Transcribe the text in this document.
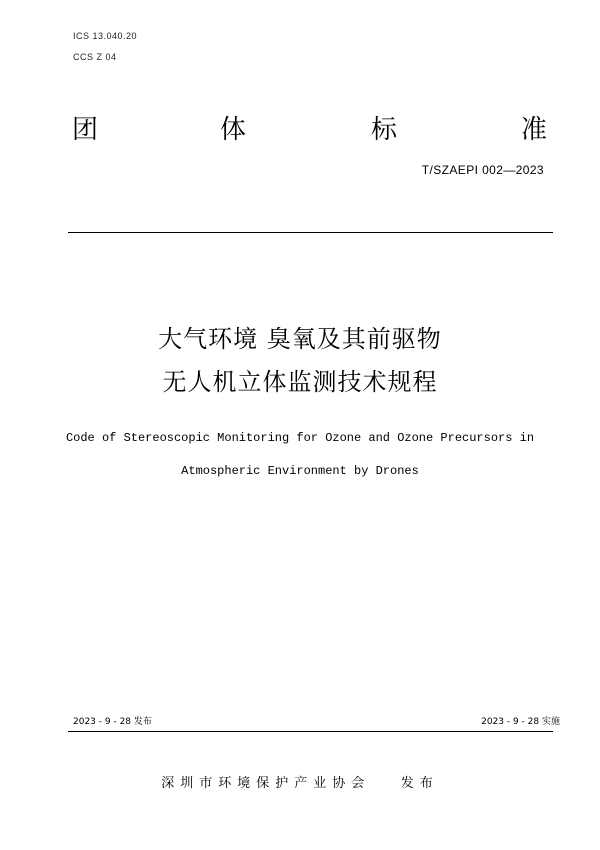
ICS 13.040.20
CCS Z 04
团	体	标	准
T/SZAEPI 002—2023
大气环境 臭氧及其前驱物
无人机立体监测技术规程
Code of Stereoscopic Monitoring for Ozone and Ozone Precursors in
Atmospheric Environment by Drones
2023 - 9 - 28 发布	2023 - 9 - 28 实施
深圳市环境保护产业协会   发布
